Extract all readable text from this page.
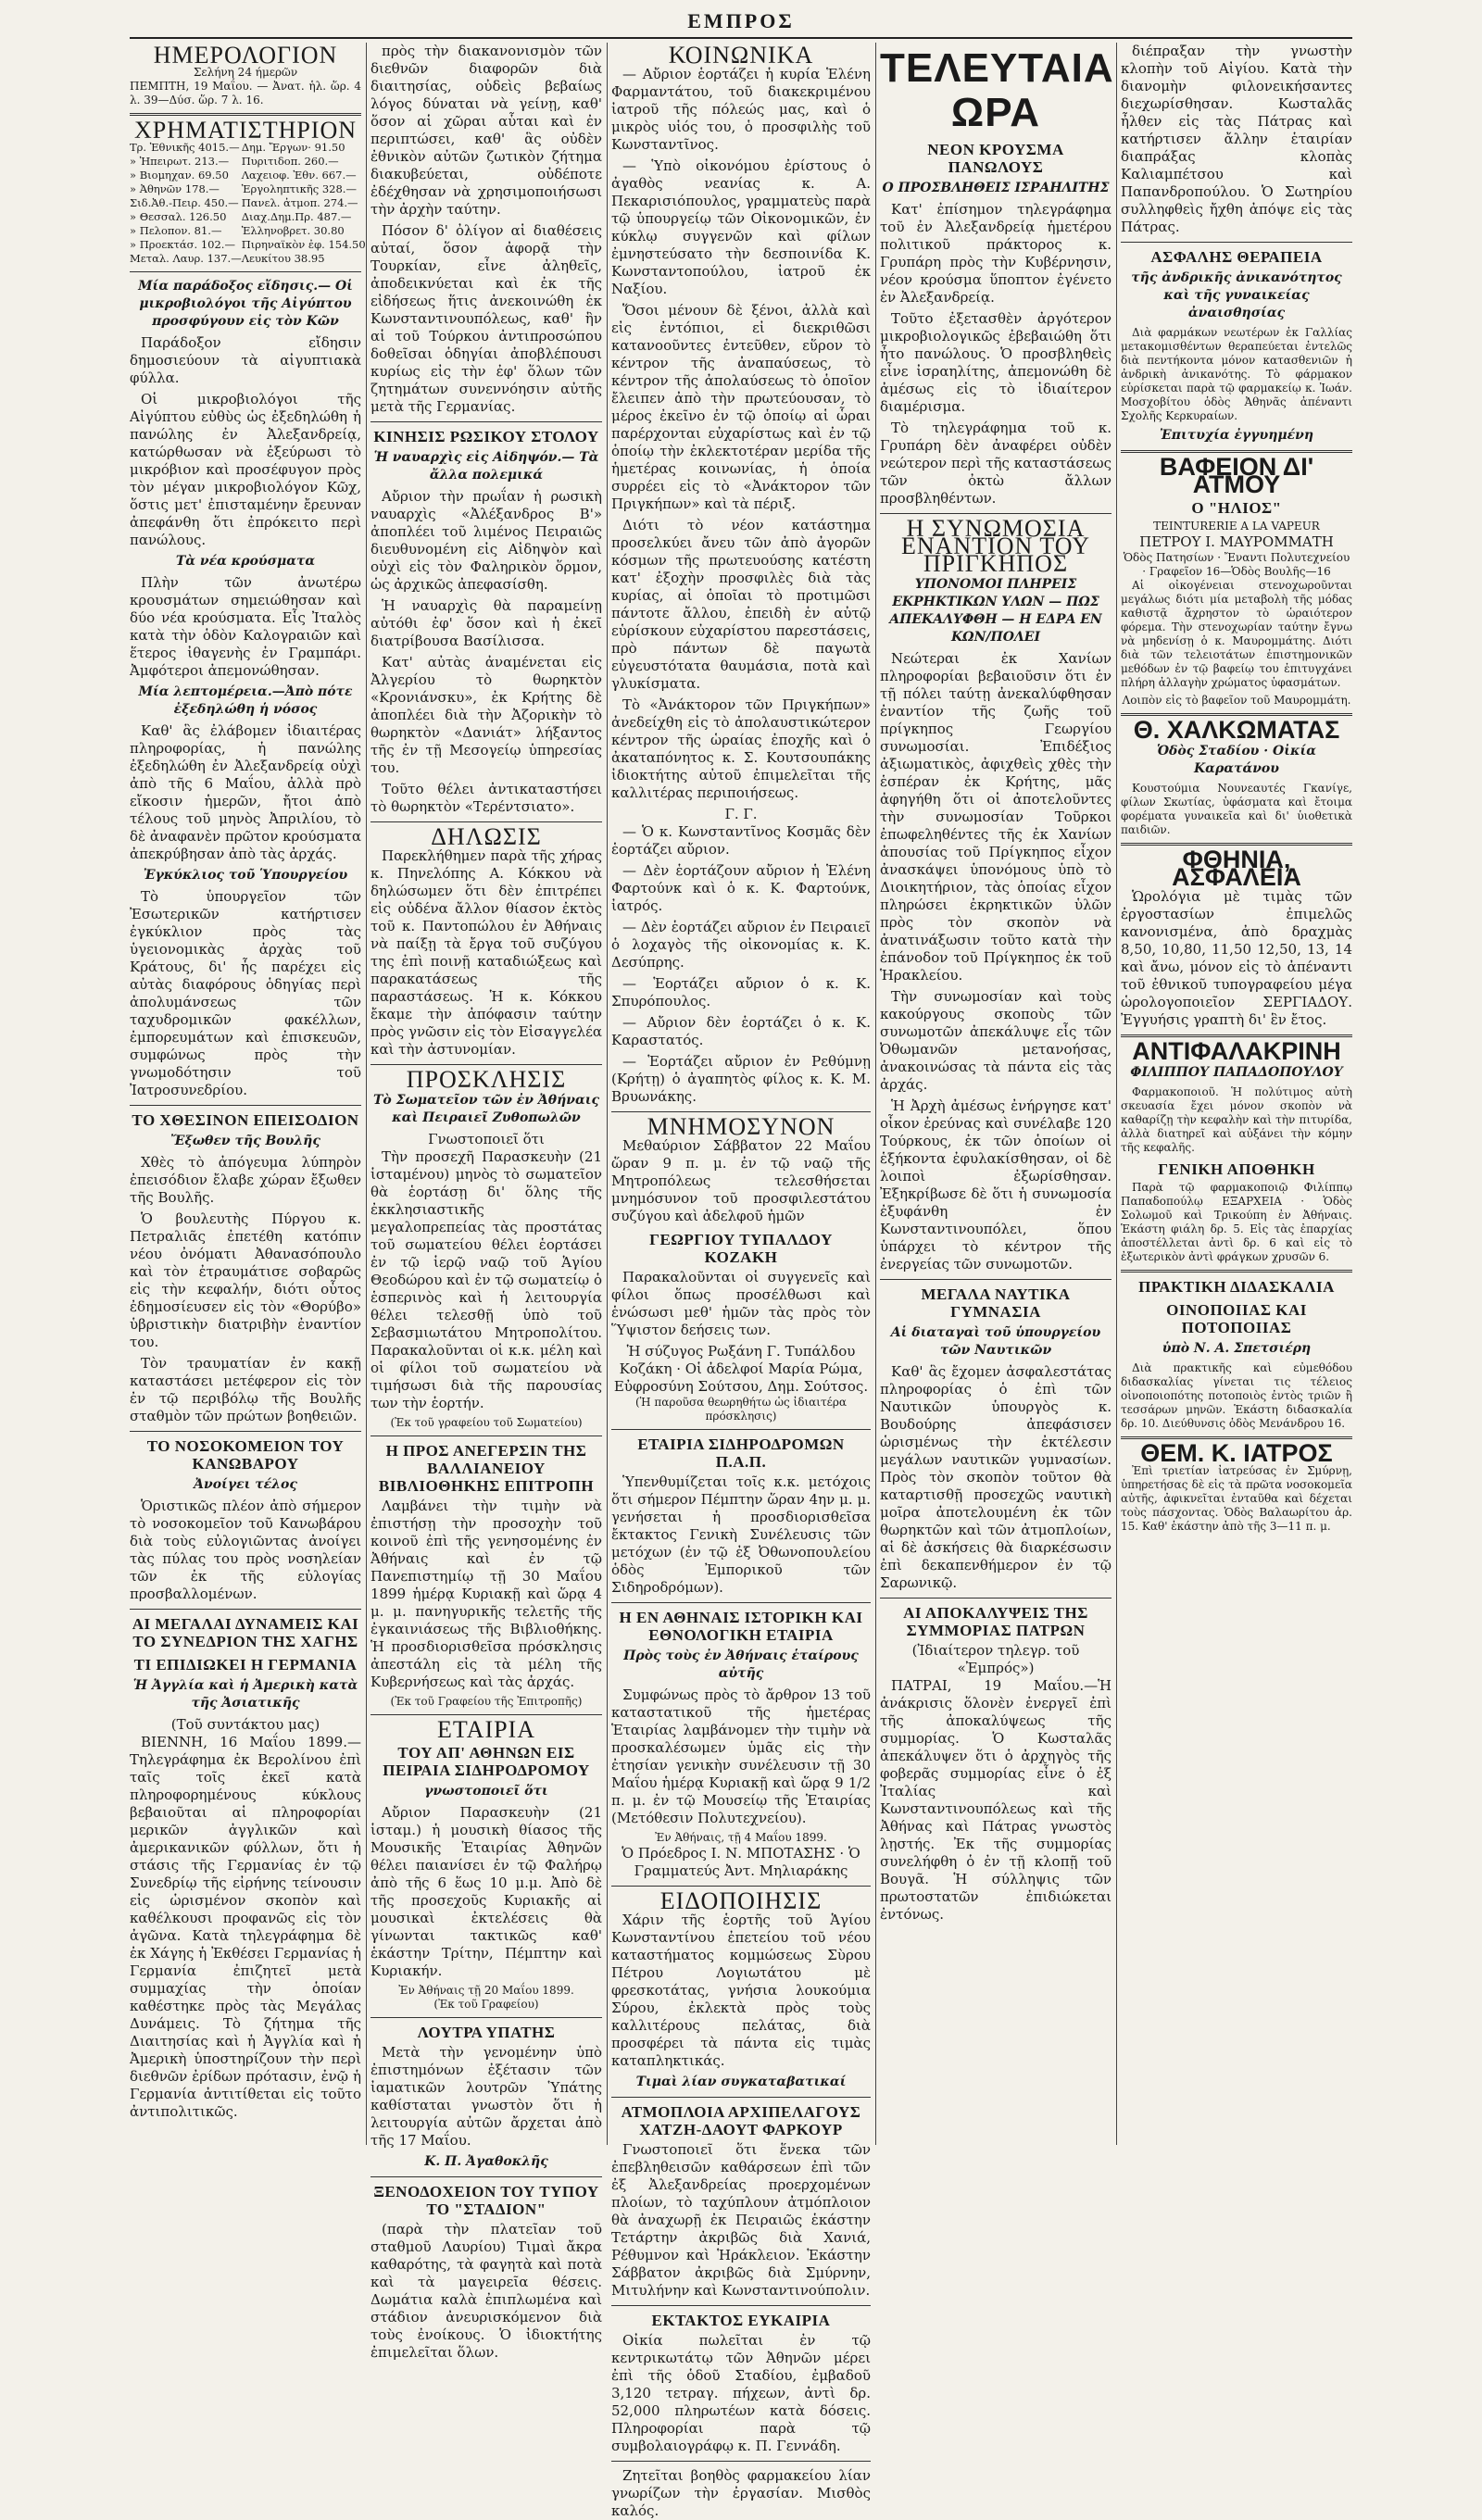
ΕΜΠΡΟΣ
ΗΜΕΡΟΛΟΓΙΟΝ
Σελήνη 24 ήμερῶν
ΠΕΜΠΤΗ, 19 Μαΐου. — Ἀνατ. ἡλ. ὥρ. 4 λ. 39—Δύσ. ὥρ. 7 λ. 16.
ΧΡΗΜΑΤΙΣΤΗΡΙΟΝ
Τρ. Ἐθνικῆς 4015.—	Δημ. Ἔργων· 91.50
» Ἠπειρωτ. 213.—	Πυριτιδοπ. 260.—
» Βιομηχαν. 69.50	Λαχειοφ. Ἐθν. 667.—
» Ἀθηνῶν 178.—	Ἐργοληπτικῆς 328.—
Σιδ.Ἀθ.-Πειρ. 450.—	Πανελ. ἀτμοπ. 274.—
» Θεσσαλ. 126.50	Διαχ.Δημ.Πρ. 487.—
» Πελοπον. 81.—	Ἑλληνοβρετ. 30.80
» Προεκτάσ. 102.—	Πιρηναϊκὸν ἐφ. 154.50
Μεταλ. Λαυρ. 137.—	Λευκίτου 38.95
Μία παράδοξος εἴδησις.— Οἱ μικροβιολόγοι τῆς Αἰγύπτου προσφύγουν εἰς τὸν Κῶν

Παράδοξον εἴδησιν δημοσιεύουν τὰ αἰγυπτιακὰ φύλλα.

Οἱ μικροβιολόγοι τῆς Αἰγύπτου εὐθὺς ὡς ἐξεδηλώθη ἡ πανώλης ἐν Ἀλεξανδρείᾳ, κατώρθωσαν νὰ ἐξεύρωσι τὸ μικρόβιον καὶ προσέφυγον πρὸς τὸν μέγαν μικροβιολόγον Κῶχ, ὅστις μετ' ἐπισταμένην ἔρευναν ἀπεφάνθη ὅτι ἐπρόκειτο περὶ πανώλους.

Τὰ νέα κρούσματα

Πλὴν τῶν ἀνωτέρω κρουσμάτων σημειώθησαν καὶ δύο νέα κρούσματα. Εἷς Ἰταλὸς κατὰ τὴν ὁδὸν Καλογραιῶν καὶ ἕτερος ἰθαγενὴς ἐν Γραμπάρι. Ἀμφότεροι ἀπεμονώθησαν.

Μία λεπτομέρεια.—Ἀπὸ πότε ἐξεδηλώθη ἡ νόσος

Καθ' ἃς ἐλάβομεν ἰδιαιτέρας πληροφορίας, ἡ πανώλης ἐξεδηλώθη ἐν Ἀλεξανδρείᾳ οὐχὶ ἀπὸ τῆς 6 Μαΐου, ἀλλὰ πρὸ εἴκοσιν ἡμερῶν, ἤτοι ἀπὸ τέλους τοῦ μηνὸς Ἀπριλίου, τὸ δὲ ἀναφανὲν πρῶτον κρούσματα ἀπεκρύβησαν ἀπὸ τὰς ἀρχάς.

Ἐγκύκλιος τοῦ Ὑπουργείου

Τὸ ὑπουργεῖον τῶν Ἐσωτερικῶν κατήρτισεν ἐγκύκλιον πρὸς τὰς ὑγειονομικὰς ἀρχὰς τοῦ Κράτους, δι' ἧς παρέχει εἰς αὐτὰς διαφόρους ὁδηγίας περὶ ἀπολυμάνσεως τῶν ταχυδρομικῶν φακέλλων, ἐμπορευμάτων καὶ ἐπισκευῶν, συμφώνως πρὸς τὴν γνωμοδότησιν τοῦ Ἰατροσυνεδρίου.

ΤΟ ΧΘΕΣΙΝΟΝ ΕΠΕΙΣΟΔΙΟΝ
Ἔξωθεν τῆς Βουλῆς

Χθὲς τὸ ἀπόγευμα λύπηρὸν ἐπεισόδιον ἔλαβε χώραν ἔξωθεν τῆς Βουλῆς.

Ὁ βουλευτὴς Πύργου κ. Πετραλιᾶς ἐπετέθη κατόπιν νέου ὀνόματι Ἀθανασόπουλο καὶ τὸν ἐτραυμάτισε σοβαρῶς εἰς τὴν κεφαλήν, διότι οὗτος ἐδημοσίευσεν εἰς τὸν «Θορύβο» ὑβριστικὴν διατριβὴν ἐναντίον του.

Τὸν τραυματίαν ἐν κακῇ καταστάσει μετέφερον εἰς τὸν ἐν τῷ περιβόλῳ τῆς Βουλῆς σταθμὸν τῶν πρώτων βοηθειῶν.

ΤΟ ΝΟΣΟΚΟΜΕΙΟΝ ΤΟΥ ΚΑΝΩΒΑΡΟΥ
Ἀνοίγει τέλος

Ὁριστικῶς πλέον ἀπὸ σήμερον τὸ νοσοκομεῖον τοῦ Κανωβάρου διὰ τοὺς εὐλογιῶντας ἀνοίγει τὰς πύλας του πρὸς νοσηλείαν τῶν ἐκ τῆς εὐλογίας προσβαλλομένων.

ΑΙ ΜΕΓΑΛΑΙ ΔΥΝΑΜΕΙΣ ΚΑΙ ΤΟ ΣΥΝΕΔΡΙΟΝ ΤΗΣ ΧΑΓΗΣ
ΤΙ ΕΠΙΔΙΩΚΕΙ Η ΓΕΡΜΑΝΙΑ
Ἡ Ἀγγλία καὶ ἡ Ἀμερικὴ κατὰ τῆς Ἀσιατικῆς
(Τοῦ συντάκτου μας)

ΒΙΕΝΝΗ, 16 Μαΐου 1899.—Τηλεγράφημα ἐκ Βερολίνου ἐπὶ ταῖς τοῖς ἐκεῖ κατὰ πληροφορημένους κύκλους βεβαιοῦται αἱ πληροφορίαι μερικῶν ἀγγλικῶν καὶ ἀμερικανικῶν φύλλων, ὅτι ἡ στάσις τῆς Γερμανίας ἐν τῷ Συνεδρίῳ τῆς εἰρήνης τείνουσιν εἰς ὡρισμένον σκοπὸν καὶ καθέλκουσι προφανῶς εἰς τὸν ἀγῶνα. Κατὰ τηλεγράφημα δὲ ἐκ Χάγης ἡ Ἐκθέσει Γερμανίας ἡ Γερμανία ἐπιζητεῖ μετὰ συμμαχίας τὴν ὁποίαν καθέστηκε πρὸς τὰς Μεγάλας Δυνάμεις. Τὸ ζήτημα τῆς Διαιτησίας καὶ ἡ Ἀγγλία καὶ ἡ Ἀμερικὴ ὑποστηρίζουν τὴν περὶ διεθνῶν ἐρίδων πρότασιν, ἐνῷ ἡ Γερμανία ἀντιτίθεται εἰς τοῦτο ἀντιπολιτικῶς.

πρὸς τὴν διακανονισμὸν τῶν διεθνῶν διαφορῶν διὰ διαιτησίας, οὐδεὶς βεβαίως λόγος δύναται νὰ γείνῃ, καθ' ὅσον αἱ χῶραι αὗται καὶ ἐν περιπτώσει, καθ' ἃς οὐδὲν ἐθνικὸν αὐτῶν ζωτικὸν ζήτημα διακυβεύεται, οὐδέποτε ἐδέχθησαν νὰ χρησιμοποιήσωσι τὴν ἀρχὴν ταύτην.

Πόσον δ' ὀλίγον αἱ διαθέσεις αὐταί, ὅσον ἀφορᾷ τὴν Τουρκίαν, εἶνε ἀληθεῖς, ἀποδεικνύεται καὶ ἐκ τῆς εἰδήσεως ἥτις ἀνεκοινώθη ἐκ Κωνσταντινουπόλεως, καθ' ἣν αἱ τοῦ Τούρκου ἀντιπροσώπου δοθεῖσαι ὁδηγίαι ἀποβλέπουσι κυρίως εἰς τὴν ἐφ' ὅλων τῶν ζητημάτων συνεννόησιν αὐτῆς μετὰ τῆς Γερμανίας.

ΚΙΝΗΣΙΣ ΡΩΣΙΚΟΥ ΣΤΟΛΟΥ
Ἡ ναυαρχὶς εἰς Αἰδηψόν.— Τὰ ἄλλα πολεμικά

Αὔριον τὴν πρωΐαν ἡ ρωσικὴ ναυαρχὶς «Ἀλέξανδρος Β'» ἀποπλέει τοῦ λιμένος Πειραιῶς διευθυνομένη εἰς Αἰδηψὸν καὶ οὐχὶ εἰς τὸν Φαληρικὸν ὅρμον, ὡς ἀρχικῶς ἀπεφασίσθη.

Ἡ ναυαρχὶς θὰ παραμείνῃ αὐτόθι ἐφ' ὅσον καὶ ἡ ἐκεῖ διατρίβουσα Βασίλισσα.

Κατ' αὐτὰς ἀναμένεται εἰς Ἀλγερίου τὸ θωρηκτὸν «Κρονιάνσκυ», ἐκ Κρήτης δὲ ἀποπλέει διὰ τὴν Ἀζορικὴν τὸ θωρηκτὸν «Δανιάτ» λήξαντος τῆς ἐν τῇ Μεσογείῳ ὑπηρεσίας του.

Τοῦτο θέλει ἀντικαταστήσει τὸ θωρηκτὸν «Τερέντσιατο».

ΔΗΛΩΣΙΣ

Παρεκλήθημεν παρὰ τῆς χήρας κ. Πηνελόπης Α. Κόκκου νὰ δηλώσωμεν ὅτι δὲν ἐπιτρέπει εἰς οὐδένα ἄλλον θίασον ἐκτὸς τοῦ κ. Παντοπώλου ἐν Ἀθήναις νὰ παίξῃ τὰ ἔργα τοῦ συζύγου της ἐπὶ ποινῇ καταδιώξεως καὶ παρακατάσεως τῆς παραστάσεως. Ἡ κ. Κόκκου ἔκαμε τὴν ἀπόφασιν ταύτην πρὸς γνῶσιν εἰς τὸν Εἰσαγγελέα καὶ τὴν ἀστυνομίαν.

ΠΡΟΣΚΛΗΣΙΣ
Τὸ Σωματεῖον τῶν ἐν Ἀθήναις καὶ Πειραιεῖ Ζυθοπωλῶν
Γνωστοποιεῖ ὅτι

Τὴν προσεχῆ Παρασκευὴν (21 ἱσταμένου) μηνὸς τὸ σωματεῖον θὰ ἑορτάσῃ δι' ὅλης τῆς ἐκκλησιαστικῆς μεγαλοπρεπείας τὰς προστάτας τοῦ σωματείου θέλει ἑορτάσει ἐν τῷ ἱερῷ ναῷ τοῦ Ἁγίου Θεοδώρου καὶ ἐν τῷ σωματείῳ ὁ ἑσπερινὸς καὶ ἡ λειτουργία θέλει τελεσθῇ ὑπὸ τοῦ Σεβασμιωτάτου Μητροπολίτου. Παρακαλοῦνται οἱ κ.κ. μέλη καὶ οἱ φίλοι τοῦ σωματείου νὰ τιμήσωσι διὰ τῆς παρουσίας των τὴν ἑορτήν.

(Ἐκ τοῦ γραφείου τοῦ Σωματείου)
Η ΠΡΟΣ ΑΝΕΓΕΡΣΙΝ ΤΗΣ ΒΑΛΛΙΑΝΕΙΟΥ ΒΙΒΛΙΟΘΗΚΗΣ ΕΠΙΤΡΟΠΗ

Λαμβάνει τὴν τιμὴν νὰ ἐπιστήσῃ τὴν προσοχὴν τοῦ κοινοῦ ἐπὶ τῆς γενησομένης ἐν Ἀθήναις καὶ ἐν τῷ Πανεπιστημίῳ τῇ 30 Μαΐου 1899 ἡμέρᾳ Κυριακῇ καὶ ὥρᾳ 4 μ. μ. πανηγυρικῆς τελετῆς τῆς ἐγκαινιάσεως τῆς Βιβλιοθήκης. Ἡ προσδιορισθεῖσα πρόσκλησις ἀπεστάλη εἰς τὰ μέλη τῆς Κυβερνήσεως καὶ τὰς ἀρχάς.

(Ἐκ τοῦ Γραφείου τῆς Ἐπιτροπῆς)
ΕΤΑΙΡΙΑ
ΤΟΥ ΑΠ' ΑΘΗΝΩΝ ΕΙΣ ΠΕΙΡΑΙΑ ΣΙΔΗΡΟΔΡΟΜΟΥ
γνωστοποιεῖ ὅτι

Αὔριον Παρασκευὴν (21 ἱσταμ.) ἡ μουσικὴ θίασος τῆς Μουσικῆς Ἑταιρίας Ἀθηνῶν θέλει παιανίσει ἐν τῷ Φαλήρῳ ἀπὸ τῆς 6 ἕως 10 μ.μ. Ἀπὸ δὲ τῆς προσεχοῦς Κυριακῆς αἱ μουσικαὶ ἐκτελέσεις θὰ γίνωνται τακτικῶς καθ' ἑκάστην Τρίτην, Πέμπτην καὶ Κυριακήν.

Ἐν Ἀθήναις τῇ 20 Μαΐου 1899.
(Ἐκ τοῦ Γραφείου)
ΛΟΥΤΡΑ ΥΠΑΤΗΣ

Μετὰ τὴν γενομένην ὑπὸ ἐπιστημόνων ἐξέτασιν τῶν ἰαματικῶν λουτρῶν Ὑπάτης καθίσταται γνωστὸν ὅτι ἡ λειτουργία αὐτῶν ἄρχεται ἀπὸ τῆς 17 Μαΐου.

Κ. Π. Ἀγαθοκλῆς
ΞΕΝΟΔΟΧΕΙΟΝ ΤΟΥ ΤΥΠΟΥ ΤΟ "ΣΤΑΔΙΟΝ"

(παρὰ τὴν πλατεῖαν τοῦ σταθμοῦ Λαυρίου) Τιμαὶ ἄκρα καθαρότης, τὰ φαγητὰ καὶ ποτὰ καὶ τὰ μαγειρεῖα θέσεις. Δωμάτια καλὰ ἐπιπλωμένα καὶ στάδιον ἀνευρισκόμενον διὰ τοὺς ἐνοίκους. Ὁ ἰδιοκτήτης ἐπιμελεῖται ὅλων.

ΚΟΙΝΩΝΙΚΑ

— Αὔριον ἑορτάζει ἡ κυρία Ἑλένη Φαρμαντάτου, τοῦ διακεκριμένου ἰατροῦ τῆς πόλεώς μας, καὶ ὁ μικρὸς υἱός του, ὁ προσφιλὴς τοῦ Κωνσταντῖνος.

— Ὑπὸ οἰκονόμου ἐρίστους ὁ ἀγαθὸς νεανίας κ. Α. Πεκαρισιόπουλος, γραμματεὺς παρὰ τῷ ὑπουργείῳ τῶν Οἰκονομικῶν, ἐν κύκλῳ συγγενῶν καὶ φίλων ἐμνηστεύσατο τὴν δεσποινίδα Κ. Κωνσταντοπούλου, ἰατροῦ ἐκ Ναξίου.

Ὅσοι μένουν δὲ ξένοι, ἀλλὰ καὶ εἰς ἐντόπιοι, εἰ διεκριθῶσι κατανοοῦντες ἐντεῦθεν, εὕρον τὸ κέντρον τῆς ἀναπαύσεως, τὸ κέντρον τῆς ἀπολαύσεως τὸ ὁποῖον ἔλειπεν ἀπὸ τὴν πρωτεύουσαν, τὸ μέρος ἐκεῖνο ἐν τῷ ὁποίῳ αἱ ὧραι παρέρχονται εὐχαρίστως καὶ ἐν τῷ ὁποίῳ τὴν ἐκλεκτοτέραν μερίδα τῆς ἡμετέρας κοινωνίας, ἡ ὁποία συρρέει εἰς τὸ «Ἀνάκτορον τῶν Πριγκήπων» καὶ τὰ πέριξ.

Διότι τὸ νέον κατάστημα προσελκύει ἄνευ τῶν ἀπὸ ἀγορῶν κόσμων τῆς πρωτευούσης κατέστη κατ' ἐξοχὴν προσφιλὲς διὰ τὰς κυρίας, αἱ ὁποῖαι τὸ προτιμῶσι πάντοτε ἄλλου, ἐπειδὴ ἐν αὐτῷ εὑρίσκουν εὐχαρίστου παρεστάσεις, πρὸ πάντων δὲ παγωτὰ εὐγευστότατα θαυμάσια, ποτὰ καὶ γλυκίσματα.

Τὸ «Ἀνάκτορον τῶν Πριγκήπων» ἀνεδείχθη εἰς τὸ ἀπολαυστικώτερον κέντρον τῆς ὡραίας ἐποχῆς καὶ ὁ ἀκαταπόνητος κ. Σ. Κουτσουπάκης ἰδιοκτήτης αὐτοῦ ἐπιμελεῖται τῆς καλλιτέρας περιποιήσεως.

Γ. Γ.

— Ὁ κ. Κωνσταντῖνος Κοσμᾶς δὲν ἑορτάζει αὔριον.

— Δὲν ἑορτάζουν αὔριον ἡ Ἑλένη Φαρτούνκ καὶ ὁ κ. Κ. Φαρτούνκ, ἰατρός.

— Δὲν ἑορτάζει αὔριον ἐν Πειραιεῖ ὁ λοχαγὸς τῆς οἰκονομίας κ. Κ. Δεσύπρης.

— Ἑορτάζει αὔριον ὁ κ. Κ. Σπυρόπουλος.

— Αὔριον δὲν ἑορτάζει ὁ κ. Κ. Καραστατός.

— Ἑορτάζει αὔριον ἐν Ρεθύμνῃ (Κρήτῃ) ὁ ἀγαπητὸς φίλος κ. Κ. Μ. Βρυωνάκης.

ΜΝΗΜΟΣΥΝΟΝ

Μεθαύριον Σάββατον 22 Μαΐου ὥραν 9 π. μ. ἐν τῷ ναῷ τῆς Μητροπόλεως τελεσθήσεται μνημόσυνον τοῦ προσφιλεστάτου συζύγου καὶ ἀδελφοῦ ἡμῶν

ΓΕΩΡΓΙΟΥ ΤΥΠΑΛΔΟΥ ΚΟΖΑΚΗ

Παρακαλοῦνται οἱ συγγενεῖς καὶ φίλοι ὅπως προσέλθωσι καὶ ἑνώσωσι μεθ' ἡμῶν τὰς πρὸς τὸν Ὕψιστον δεήσεις των.

Ἡ σύζυγος Ρωξάνη Γ. Τυπάλδου Κοζάκη · Οἱ ἀδελφοί Μαρία Ρώμα, Εὐφροσύνη Σούτσου, Δημ. Σούτσος.
(Ἡ παροῦσα θεωρηθήτω ὡς ἰδιαιτέρα πρόσκλησις)
ΕΤΑΙΡΙΑ ΣΙΔΗΡΟΔΡΟΜΩΝ Π.Α.Π.

Ὑπενθυμίζεται τοῖς κ.κ. μετόχοις ὅτι σήμερον Πέμπτην ὥραν 4ην μ. μ. γενήσεται ἡ προσδιορισθεῖσα ἔκτακτος Γενικὴ Συνέλευσις τῶν μετόχων (ἐν τῷ ἐξ Ὀθωνοπουλείου ὁδὸς Ἐμπορικοῦ τῶν Σιδηροδρόμων).

Η ΕΝ ΑΘΗΝΑΙΣ ΙΣΤΟΡΙΚΗ ΚΑΙ ΕΘΝΟΛΟΓΙΚΗ ΕΤΑΙΡΙΑ
Πρὸς τοὺς ἐν Ἀθήναις ἑταίρους αὐτῆς

Συμφώνως πρὸς τὸ ἄρθρον 13 τοῦ καταστατικοῦ τῆς ἡμετέρας Ἑταιρίας λαμβάνομεν τὴν τιμὴν νὰ προσκαλέσωμεν ὑμᾶς εἰς τὴν ἐτησίαν γενικὴν συνέλευσιν τῇ 30 Μαΐου ἡμέρᾳ Κυριακῇ καὶ ὥρᾳ 9 1/2 π. μ. ἐν τῷ Μουσείῳ τῆς Ἑταιρίας (Μετόθεσιν Πολυτεχνείου).

Ἐν Ἀθήναις, τῇ 4 Μαΐου 1899.
Ὁ Πρόεδρος Ι. Ν. ΜΠΟΤΑΣΗΣ · Ὁ Γραμματεύς Ἀντ. Μηλιαράκης
ΕΙΔΟΠΟΙΗΣΙΣ

Χάριν τῆς ἑορτῆς τοῦ Ἁγίου Κωνσταντίνου ἐπετείου τοῦ νέου καταστήματος κομμώσεως Σὺρου Πέτρου Λογιωτάτου μὲ φρεσκοτάτας, γνήσια λουκούμια Σύρου, ἐκλεκτὰ πρὸς τοὺς καλλιτέρους πελάτας, διὰ προσφέρει τὰ πάντα εἰς τιμὰς καταπληκτικάς.

Τιμαὶ λίαν συγκαταβατικαί
ΑΤΜΟΠΛΟΙΑ ΑΡΧΙΠΕΛΑΓΟΥΣ ΧΑΤΖΗ-ΔΑΟΥΤ ΦΑΡΚΟΥΡ

Γνωστοποιεῖ ὅτι ἕνεκα τῶν ἐπεβληθεισῶν καθάρσεων ἐπὶ τῶν ἐξ Ἀλεξανδρείας προερχομένων πλοίων, τὸ ταχύπλουν ἀτμόπλοιον θὰ ἀναχωρῇ ἐκ Πειραιῶς ἑκάστην Τετάρτην ἀκριβῶς διὰ Χανιά, Ρέθυμνον καὶ Ἡράκλειον. Ἑκάστην Σάββατον ἀκριβῶς διὰ Σμύρνην, Μιτυλήνην καὶ Κωνσταντινούπολιν.

ΕΚΤΑΚΤΟΣ ΕΥΚΑΙΡΙΑ

Οἰκία πωλεῖται ἐν τῷ κεντρικωτάτῳ τῶν Ἀθηνῶν μέρει ἐπὶ τῆς ὁδοῦ Σταδίου, ἐμβαδοῦ 3,120 τετραγ. πήχεων, ἀντὶ δρ. 52,000 πληρωτέων κατὰ δόσεις. Πληροφορίαι παρὰ τῷ συμβολαιογράφῳ κ. Π. Γεννάδη.

Ζητεῖται βοηθὸς φαρμακείου λίαν γνωρίζων τὴν ἐργασίαν. Μισθὸς καλός.

ΤΕΛΕΥΤΑΙΑ ΩΡΑ
ΝΕΟΝ ΚΡΟΥΣΜΑ ΠΑΝΩΛΟΥΣ
Ο ΠΡΟΣΒΛΗΘΕΙΣ ΙΣΡΑΗΛΙΤΗΣ

Κατ' ἐπίσημον τηλεγράφημα τοῦ ἐν Ἀλεξανδρείᾳ ἡμετέρου πολιτικοῦ πράκτορος κ. Γρυπάρη πρὸς τὴν Κυβέρνησιν, νέον κρούσμα ὕποπτον ἐγένετο ἐν Ἀλεξανδρείᾳ.

Τοῦτο ἐξετασθὲν ἀργότερον μικροβιολογικῶς ἐβεβαιώθη ὅτι ἦτο πανώλους. Ὁ προσβληθεὶς εἶνε ἰσραηλίτης, ἀπεμονώθη δὲ ἀμέσως εἰς τὸ ἰδιαίτερον διαμέρισμα.

Τὸ τηλεγράφημα τοῦ κ. Γρυπάρη δὲν ἀναφέρει οὐδὲν νεώτερον περὶ τῆς καταστάσεως τῶν ὀκτὼ ἄλλων προσβληθέντων.

Η ΣΥΝΩΜΟΣΙΑ ΕΝΑΝΤΙΟΝ ΤΟΥ ΠΡΙΓΚΗΠΟΣ
ΥΠΟΝΟΜΟΙ ΠΛΗΡΕΙΣ ΕΚΡΗΚΤΙΚΩΝ ΥΛΩΝ — ΠΩΣ ΑΠΕΚΑΛΥΦΘΗ — Η ΕΔΡΑ ΕΝ ΚΩΝ/ΠΟΛΕΙ

Νεώτεραι ἐκ Χανίων πληροφορίαι βεβαιοῦσιν ὅτι ἐν τῇ πόλει ταύτῃ ἀνεκαλύφθησαν ἐναντίον τῆς ζωῆς τοῦ πρίγκηπος Γεωργίου συνωμοσίαι. Ἐπιδέξιος ἀξιωματικὸς, ἀφιχθεὶς χθὲς τὴν ἑσπέραν ἐκ Κρήτης, μᾶς ἀφηγήθη ὅτι οἱ ἀποτελοῦντες τὴν συνωμοσίαν Τοῦρκοι ἐπωφεληθέντες τῆς ἐκ Χανίων ἀπουσίας τοῦ Πρίγκηπος εἶχον ἀνασκάψει ὑπονόμους ὑπὸ τὸ Διοικητήριον, τὰς ὁποίας εἶχον πληρώσει ἐκρηκτικῶν ὑλῶν πρὸς τὸν σκοπὸν νὰ ἀνατινάξωσιν τοῦτο κατὰ τὴν ἐπάνοδον τοῦ Πρίγκηπος ἐκ τοῦ Ἡρακλείου.

Τὴν συνωμοσίαν καὶ τοὺς κακούργους σκοποὺς τῶν συνωμοτῶν ἀπεκάλυψε εἷς τῶν Ὀθωμανῶν μετανοήσας, ἀνακοινώσας τὰ πάντα εἰς τὰς ἀρχάς.

Ἡ Ἀρχὴ ἀμέσως ἐνήργησε κατ' οἶκον ἐρεύνας καὶ συνέλαβε 120 Τούρκους, ἐκ τῶν ὁποίων οἱ ἑξήκοντα ἐφυλακίσθησαν, οἱ δὲ λοιποὶ ἐξωρίσθησαν. Ἐξηκρίβωσε δὲ ὅτι ἡ συνωμοσία ἐξυφάνθη ἐν Κωνσταντινουπόλει, ὅπου ὑπάρχει τὸ κέντρον τῆς ἐνεργείας τῶν συνωμοτῶν.

ΜΕΓΑΛΑ ΝΑΥΤΙΚΑ ΓΥΜΝΑΣΙΑ
Αἱ διαταγαὶ τοῦ ὑπουργείου τῶν Ναυτικῶν

Καθ' ἃς ἔχομεν ἀσφαλεστάτας πληροφορίας ὁ ἐπὶ τῶν Ναυτικῶν ὑπουργὸς κ. Βουδούρης ἀπεφάσισεν ὡρισμένως τὴν ἐκτέλεσιν μεγάλων ναυτικῶν γυμνασίων. Πρὸς τὸν σκοπὸν τοῦτον θὰ καταρτισθῇ προσεχῶς ναυτικὴ μοῖρα ἀποτελουμένη ἐκ τῶν θωρηκτῶν καὶ τῶν ἀτμοπλοίων, αἱ δὲ ἀσκήσεις θὰ διαρκέσωσιν ἐπὶ δεκαπενθήμερον ἐν τῷ Σαρωνικῷ.

ΑΙ ΑΠΟΚΑΛΥΨΕΙΣ ΤΗΣ ΣΥΜΜΟΡΙΑΣ ΠΑΤΡΩΝ
(Ἰδιαίτερον τηλεγρ. τοῦ «Ἐμπρός»)

ΠΑΤΡΑΙ, 19 Μαΐου.—Ἡ ἀνάκρισις ὅλονὲν ἐνεργεῖ ἐπὶ τῆς ἀποκαλύψεως τῆς συμμορίας. Ὁ Κωσταλᾶς ἀπεκάλυψεν ὅτι ὁ ἀρχηγὸς τῆς φοβερᾶς συμμορίας εἶνε ὁ ἐξ Ἰταλίας καὶ Κωνσταντινουπόλεως καὶ τῆς Ἀθήνας καὶ Πάτρας γνωστὸς λῃστής. Ἐκ τῆς συμμορίας συνελήφθη ὁ ἐν τῇ κλοπῇ τοῦ Βουγᾶ. Ἡ σύλληψις τῶν πρωτοστατῶν ἐπιδιώκεται ἐντόνως.

διέπραξαν τὴν γνωστὴν κλοπὴν τοῦ Αἰγίου. Κατὰ τὴν διανομὴν φιλονεικήσαντες διεχωρίσθησαν. Κωσταλᾶς ἦλθεν εἰς τὰς Πάτρας καὶ κατήρτισεν ἄλλην ἑταιρίαν διαπράξας κλοπὰς Καλιαμπέτσου καὶ Παπανδροπούλου. Ὁ Σωτηρίου συλληφθεὶς ἤχθη ἀπόψε εἰς τὰς Πάτρας.

ΑΣΦΑΛΗΣ ΘΕΡΑΠΕΙΑ
τῆς ἀνδρικῆς ἀνικανότητος καὶ τῆς γυναικείας ἀναισθησίας

Διὰ φαρμάκων νεωτέρων ἐκ Γαλλίας μετακομισθέντων θεραπεύεται ἐντελῶς διὰ πεντήκοντα μόνον κατασθενιῶν ἡ ἀνδρικὴ ἀνικανότης. Τὸ φάρμακον εὑρίσκεται παρὰ τῷ φαρμακείῳ κ. Ἰωάν. Μοσχοβίτου ὁδὸς Ἀθηνᾶς ἀπέναντι Σχολῆς Κερκυραίων.

Ἐπιτυχία ἐγγυημένη
ΒΑΦΕΙΟΝ ΔΙ' ΑΤΜΟΥ
Ο "ΗΛΙΟΣ"
TEINTURERIE A LA VAPEUR
ΠΕΤΡΟΥ Ι. ΜΑΥΡΟΜΜΑΤΗ
Ὁδὸς Πατησίων · Ἔναντι Πολυτεχνείου · Γραφεῖον 16—Ὁδὸς Βουλῆς—16

Αἱ οἰκογένειαι στενοχωροῦνται μεγάλως διότι μία μεταβολὴ τῆς μόδας καθιστᾷ ἄχρηστον τὸ ὡραιότερον φόρεμα. Τὴν στενοχωρίαν ταύτην ἔγνω νὰ μηδενίσῃ ὁ κ. Μαυρομμάτης. Διότι διὰ τῶν τελειοτάτων ἐπιστημονικῶν μεθόδων ἐν τῷ βαφείῳ του ἐπιτυγχάνει πλήρη ἀλλαγὴν χρώματος ὑφασμάτων.

Λοιπὸν εἰς τὸ βαφεῖον τοῦ Μαυρομμάτη.
Θ. ΧΑΛΚΩΜΑΤΑΣ
Ὁδὸς Σταδίου · Οἰκία Καρατάνου

Κουστούμια Νουνεαυτές Γκανίγε, φίλων Σκωτίας, ὑφάσματα καὶ ἔτοιμα φορέματα γυναικεῖα καὶ δι' ὑιοθετικὰ παιδιῶν.

ΦΘΗΝΙΑ, ΑΣΦΑΛΕΙΑ

Ὡρολόγια μὲ τιμὰς τῶν ἐργοστασίων ἐπιμελῶς κανονισμένα, ἀπὸ δραχμὰς 8,50, 10,80, 11,50 12,50, 13, 14 καὶ ἄνω, μόνον εἰς τὸ ἀπέναντι τοῦ ἐθνικοῦ τυπογραφείου μέγα ὡρολογοποιεῖον ΣΕΡΓΙΑΔΟΥ. Ἐγγυήσις γραπτὴ δι' ἓν ἔτος.

ΑΝΤΙΦΑΛΑΚΡΙΝΗ
ΦΙΛΙΠΠΟΥ ΠΑΠΑΔΟΠΟΥΛΟΥ

Φαρμακοποιοῦ. Ἡ πολύτιμος αὐτὴ σκευασία ἔχει μόνον σκοπὸν νὰ καθαρίζῃ τὴν κεφαλὴν καὶ τὴν πιτυρίδα, ἀλλὰ διατηρεῖ καὶ αὐξάνει τὴν κόμην τῆς κεφαλῆς.

ΓΕΝΙΚΗ ΑΠΟΘΗΚΗ

Παρὰ τῷ φαρμακοποιῷ Φιλίππῳ Παπαδοπούλῳ ΕΞΑΡΧΕΙΑ · Ὁδὸς Σολωμοῦ καὶ Τρικούπη ἐν Ἀθήναις. Ἑκάστη φιάλη δρ. 5. Εἰς τὰς ἐπαρχίας ἀποστέλλεται ἀντὶ δρ. 6 καὶ εἰς τὸ ἐξωτερικὸν ἀντὶ φράγκων χρυσῶν 6.

ΠΡΑΚΤΙΚΗ ΔΙΔΑΣΚΑΛΙΑ
ΟΙΝΟΠΟΙΙΑΣ ΚΑΙ ΠΟΤΟΠΟΙΙΑΣ
ὑπὸ Ν. Α. Σπετσιέρη

Διὰ πρακτικῆς καὶ εὐμεθόδου διδασκαλίας γίνεται τις τέλειος οἰνοποιοπότης ποτοποιὸς ἐντὸς τριῶν ἢ τεσσάρων μηνῶν. Ἑκάστη διδασκαλία δρ. 10. Διεύθυνσις ὁδὸς Μενάνδρου 16.

ΘΕΜ. Κ. ΙΑΤΡΟΣ

Ἐπὶ τριετίαν ἰατρεύσας ἐν Σμύρνῃ, ὑπηρετήσας δὲ εἰς τὰ πρῶτα νοσοκομεῖα αὐτῆς, ἀφικνεῖται ἐνταῦθα καὶ δέχεται τοὺς πάσχοντας. Ὁδὸς Βαλαωρίτου ἀρ. 15. Καθ' ἑκάστην ἀπὸ τῆς 3—11 π. μ.
